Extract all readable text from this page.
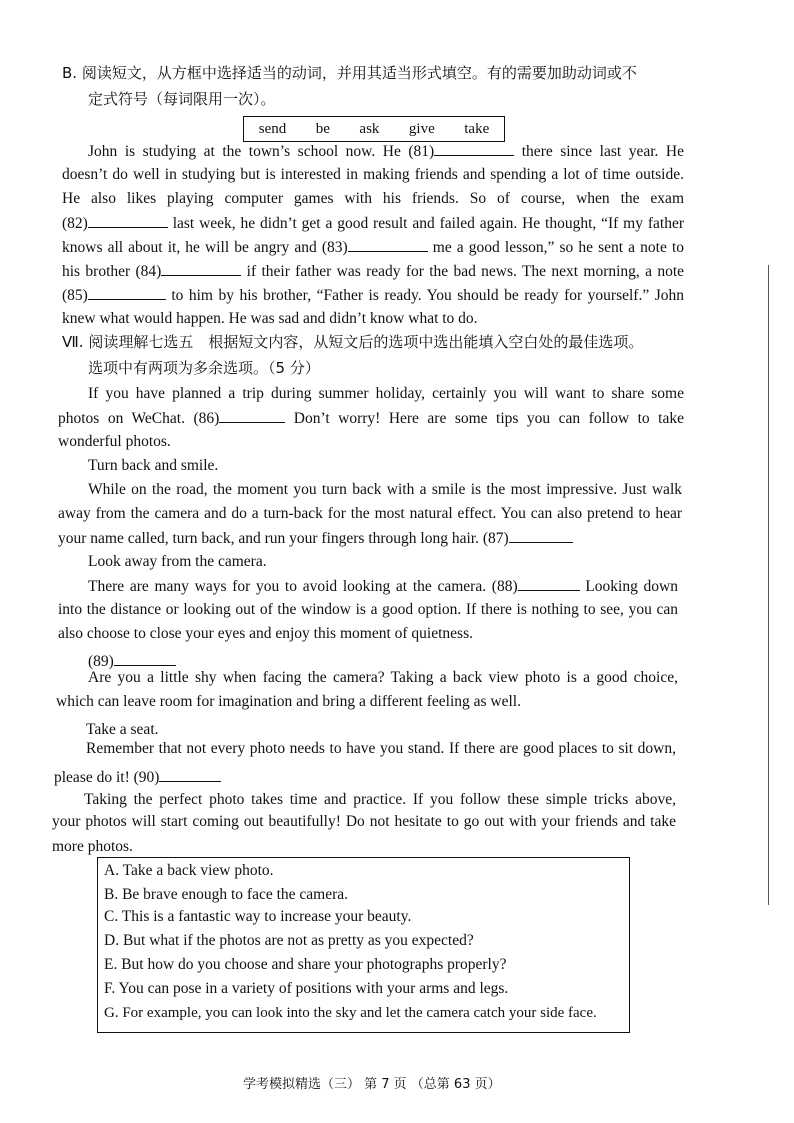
B. 阅读短文，从方框中选择适当的动词，并用其适当形式填空。有的需要加助动词或不
定式符号（每词限用一次）。
send be ask give take
John is studying at the town’s school now. He (81)	there since last year. He
doesn’t do well in studying but is interested in making friends and spending a lot of time outside.
He also likes playing computer games with his friends. So of course, when the exam
(82)	last week, he didn’t get a good result and failed again. He thought, “If my father
knows all about it, he will be angry and (83)	me a good lesson,” so he sent a note to
his brother (84)	if their father was ready for the bad news. The next morning, a note
(85)	to him by his brother, “Father is ready. You should be ready for yourself.” John
knew what would happen. He was sad and didn’t know what to do.
Ⅶ. 阅读理解七选五　根据短文内容，从短文后的选项中选出能填入空白处的最佳选项。
选项中有两项为多余选项。（5 分）
If you have planned a trip during summer holiday, certainly you will want to share some
photos on WeChat. (86)	Don’t worry! Here are some tips you can follow to take
wonderful photos.
Turn back and smile.
While on the road, the moment you turn back with a smile is the most impressive. Just walk
away from the camera and do a turn-back for the most natural effect. You can also pretend to hear
your name called, turn back, and run your fingers through long hair. (87)
Look away from the camera.
There are many ways for you to avoid looking at the camera. (88)	Looking down
into the distance or looking out of the window is a good option. If there is nothing to see, you can
also choose to close your eyes and enjoy this moment of quietness.
(89)
Are you a little shy when facing the camera? Taking a back view photo is a good choice,
which can leave room for imagination and bring a different feeling as well.
Take a seat.
Remember that not every photo needs to have you stand. If there are good places to sit down,
please do it! (90)
Taking the perfect photo takes time and practice. If you follow these simple tricks above,
your photos will start coming out beautifully! Do not hesitate to go out with your friends and take
more photos.
A. Take a back view photo.
B. Be brave enough to face the camera.
C. This is a fantastic way to increase your beauty.
D. But what if the photos are not as pretty as you expected?
E. But how do you choose and share your photographs properly?
F. You can pose in a variety of positions with your arms and legs.
G. For example, you can look into the sky and let the camera catch your side face.
学考模拟精选（三） 第 7 页 （总第 63 页）
